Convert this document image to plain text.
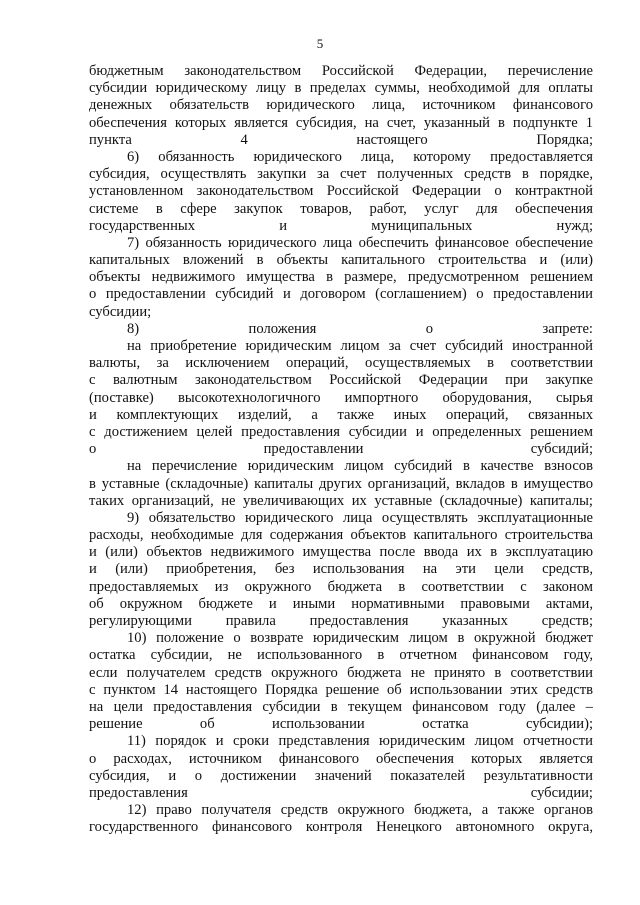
5
бюджетным законодательством Российской Федерации, перечисление
субсидии юридическому лицу в пределах суммы, необходимой для оплаты
денежных обязательств юридического лица, источником финансового
обеспечения которых является субсидия, на счет, указанный в подпункте 1
пункта 4 настоящего Порядка;
6) обязанность юридического лица, которому предоставляется
субсидия, осуществлять закупки за счет полученных средств в порядке,
установленном законодательством Российской Федерации о контрактной
системе в сфере закупок товаров, работ, услуг для обеспечения
государственных и муниципальных нужд;
7) обязанность юридического лица обеспечить финансовое обеспечение
капитальных вложений в объекты капитального строительства и (или)
объекты недвижимого имущества в размере, предусмотренном решением
о предоставлении субсидий и договором (соглашением) о предоставлении
субсидии;
8) положения о запрете:
на приобретение юридическим лицом за счет субсидий иностранной
валюты, за исключением операций, осуществляемых в соответствии
с валютным законодательством Российской Федерации при закупке
(поставке) высокотехнологичного импортного оборудования, сырья
и комплектующих изделий, а также иных операций, связанных
с достижением целей предоставления субсидии и определенных решением
о предоставлении субсидий;
на перечисление юридическим лицом субсидий в качестве взносов
в уставные (складочные) капиталы других организаций, вкладов в имущество
таких организаций, не увеличивающих их уставные (складочные) капиталы;
9) обязательство юридического лица осуществлять эксплуатационные
расходы, необходимые для содержания объектов капитального строительства
и (или) объектов недвижимого имущества после ввода их в эксплуатацию
и (или) приобретения, без использования на эти цели средств,
предоставляемых из окружного бюджета в соответствии с законом
об окружном бюджете и иными нормативными правовыми актами,
регулирующими правила предоставления указанных средств;
10) положение о возврате юридическим лицом в окружной бюджет
остатка субсидии, не использованного в отчетном финансовом году,
если получателем средств окружного бюджета не принято в соответствии
с пунктом 14 настоящего Порядка решение об использовании этих средств
на цели предоставления субсидии в текущем финансовом году (далее –
решение об использовании остатка субсидии);
11) порядок и сроки представления юридическим лицом отчетности
о расходах, источником финансового обеспечения которых является
субсидия, и о достижении значений показателей результативности
предоставления субсидии;
12) право получателя средств окружного бюджета, а также органов
государственного финансового контроля Ненецкого автономного округа,
